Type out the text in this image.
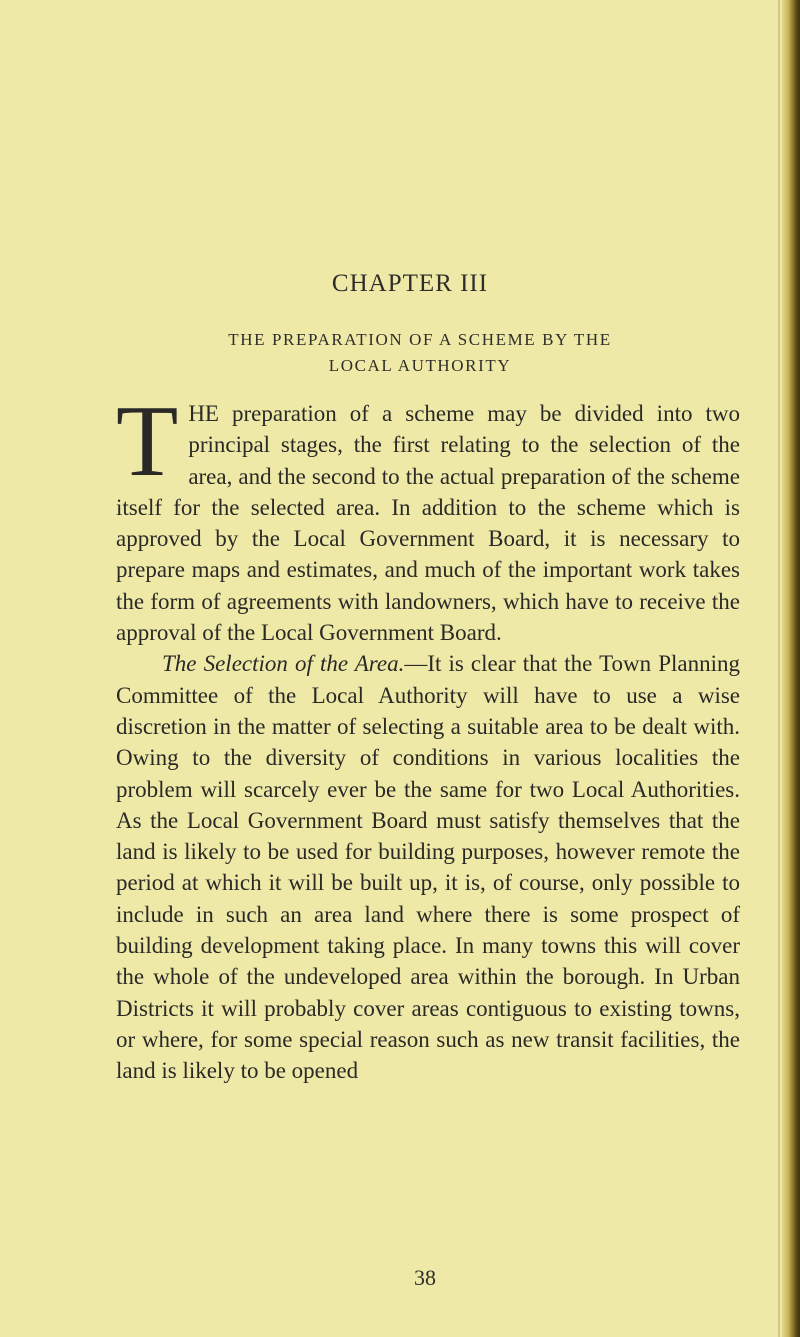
CHAPTER III
THE PREPARATION OF A SCHEME BY THE
LOCAL AUTHORITY

THE preparation of a scheme may be divided into two principal stages, the first relating to the selection of the area, and the second to the actual preparation of the scheme itself for the selected area. In addition to the scheme which is approved by the Local Government Board, it is necessary to prepare maps and estimates, and much of the important work takes the form of agreements with landowners, which have to receive the approval of the Local Government Board.

The Selection of the Area.—It is clear that the Town Planning Committee of the Local Authority will have to use a wise discretion in the matter of selecting a suitable area to be dealt with. Owing to the diversity of conditions in various localities the problem will scarcely ever be the same for two Local Authorities. As the Local Government Board must satisfy themselves that the land is likely to be used for building purposes, however remote the period at which it will be built up, it is, of course, only possible to include in such an area land where there is some prospect of building development taking place. In many towns this will cover the whole of the undeveloped area within the borough. In Urban Districts it will probably cover areas contiguous to existing towns, or where, for some special reason such as new transit facilities, the land is likely to be opened

38
